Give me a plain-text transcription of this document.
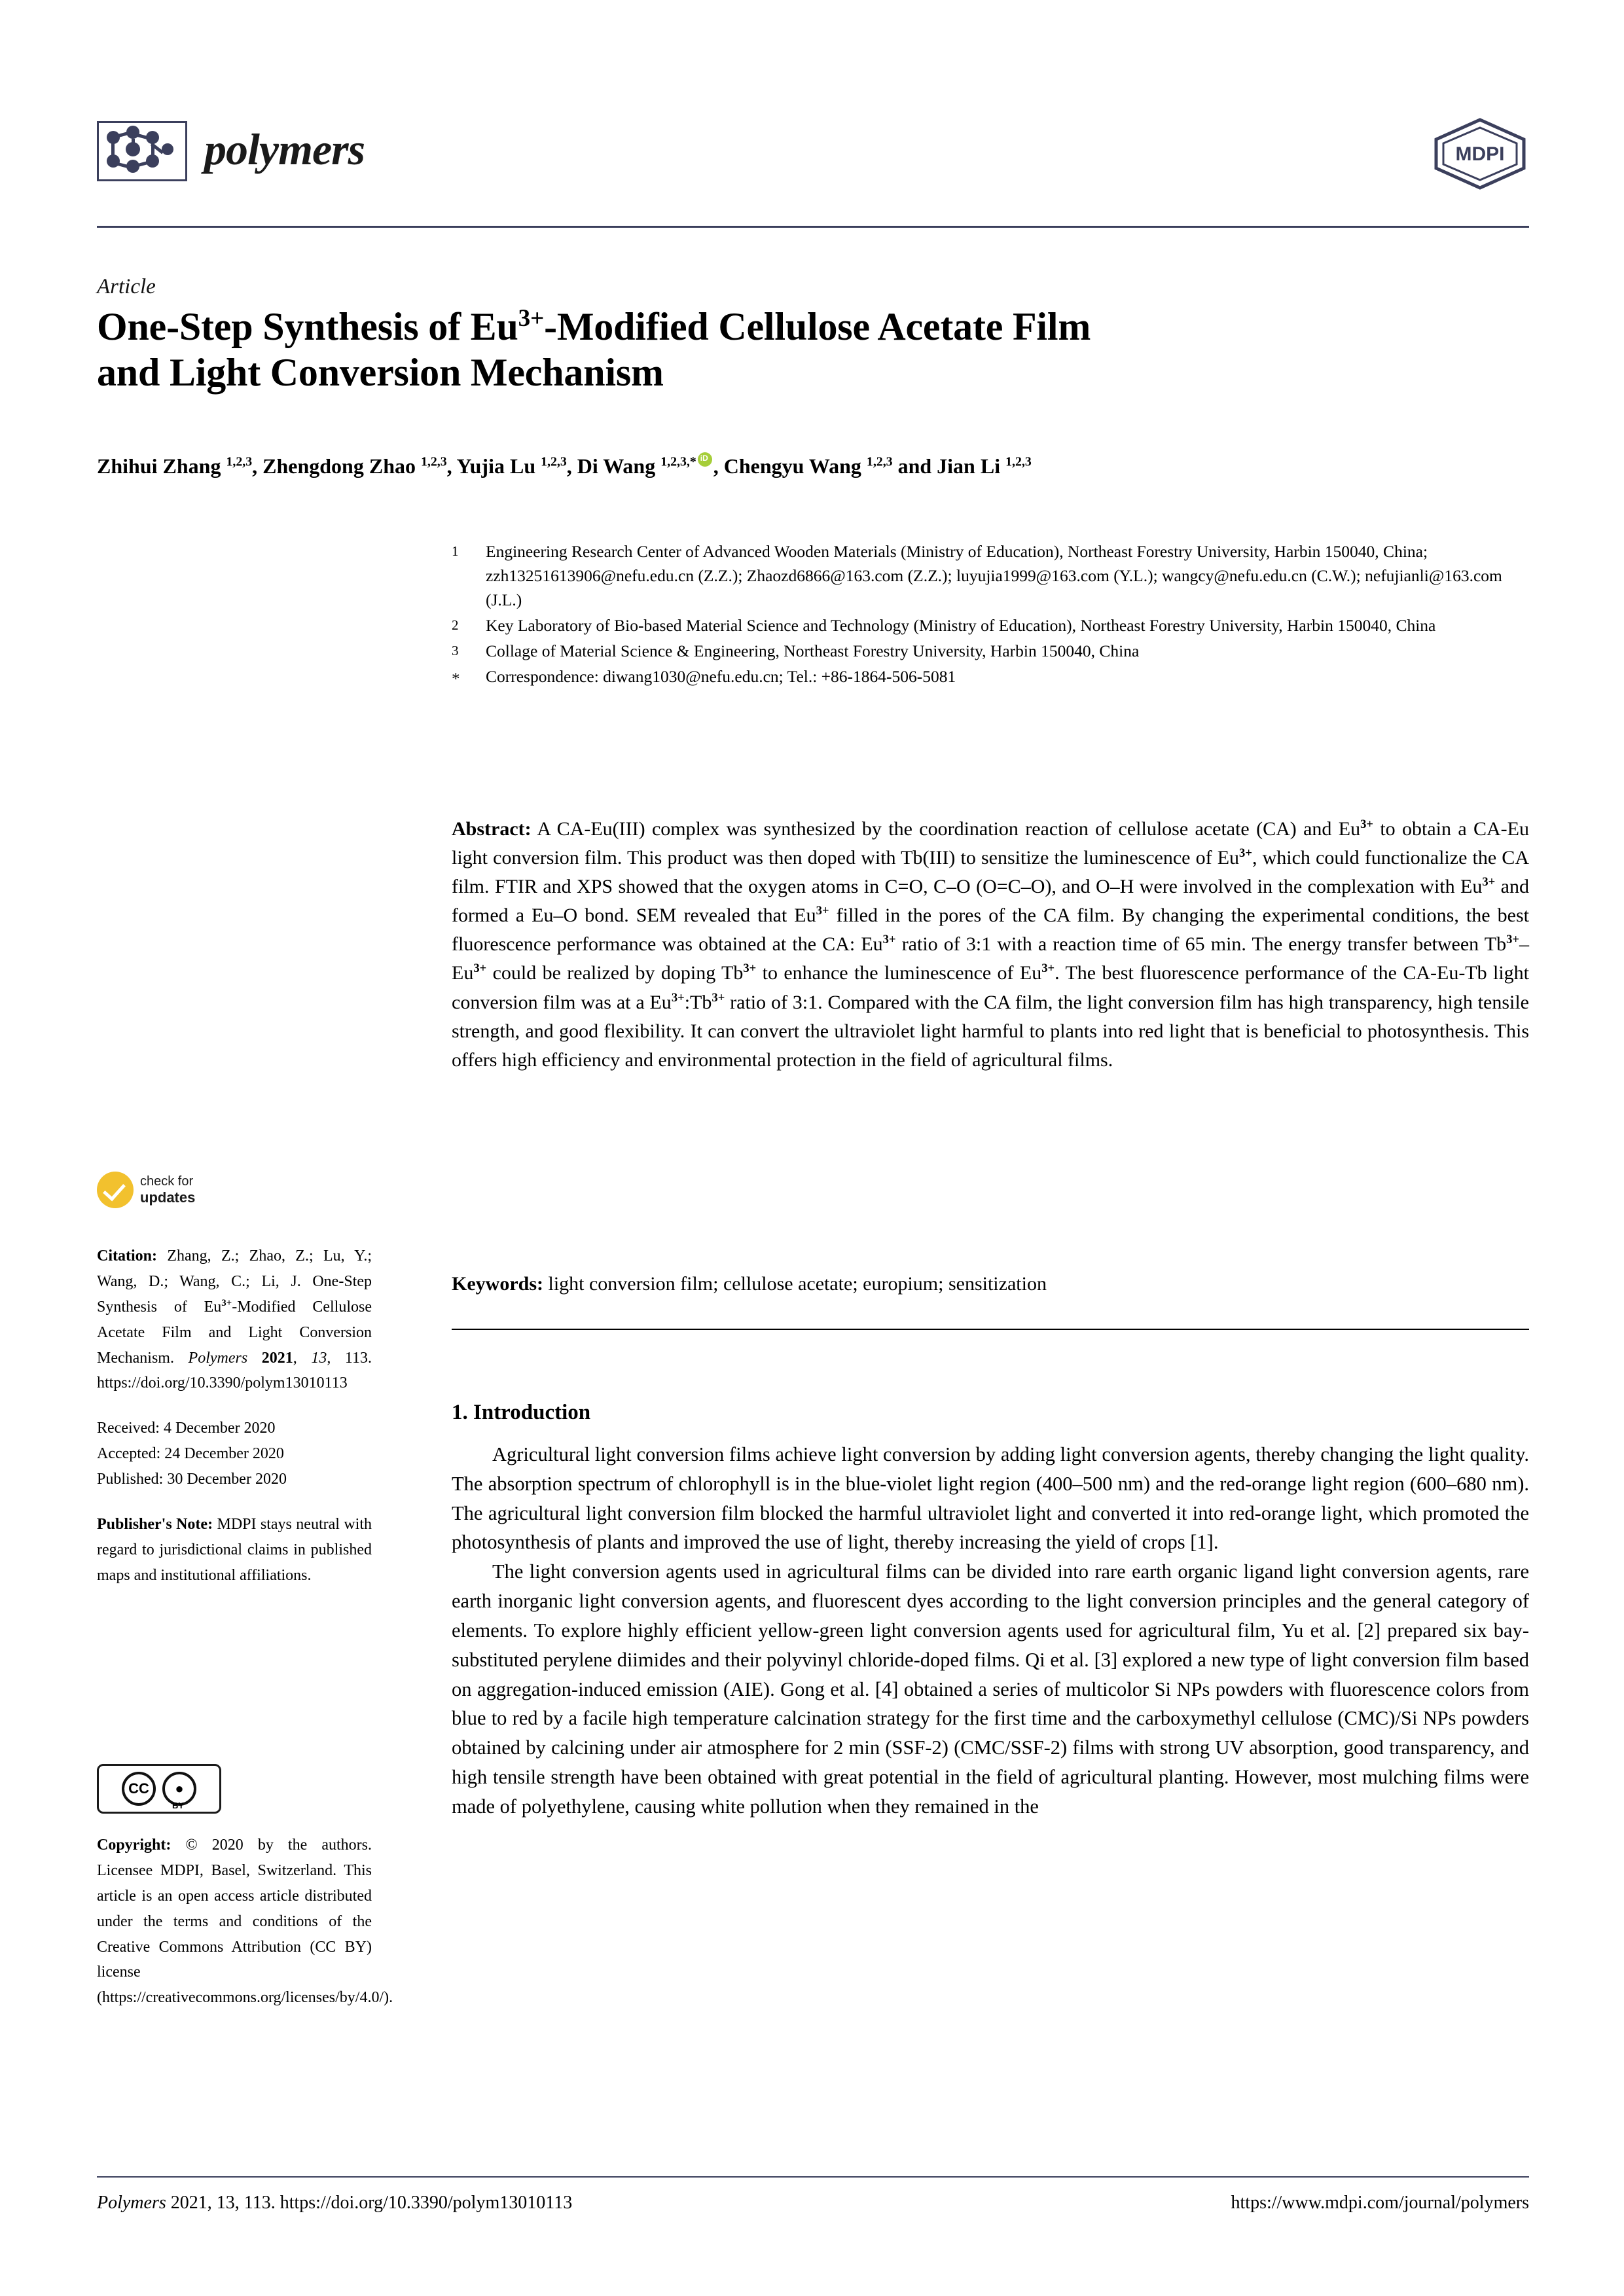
polymers	MDPI
Article
One-Step Synthesis of $Eu^{3+}$-Modified Cellulose Acetate Film
and Light Conversion Mechanism
Zhihui Zhang $^{1,2,3}$, Zhengdong Zhao $^{1,2,3}$, Yujia Lu $^{1,2,3}$, Di Wang $^{1,2,3,*}$ iD , Chengyu Wang $^{1,2,3}$ and Jian Li $^{1,2,3}$
1	Engineering Research Center of Advanced Wooden Materials (Ministry of Education), Northeast Forestry University, Harbin 150040, China; zzh13251613906@nefu.edu.cn (Z.Z.); Zhaozd6866@163.com (Z.Z.); luyujia1999@163.com (Y.L.); wangcy@nefu.edu.cn (C.W.); nefujianli@163.com (J.L.)
2	Key Laboratory of Bio-based Material Science and Technology (Ministry of Education), Northeast Forestry University, Harbin 150040, China
3	Collage of Material Science & Engineering, Northeast Forestry University, Harbin 150040, China
*	Correspondence: diwang1030@nefu.edu.cn; Tel.: +86-1864-506-5081
Abstract: A CA-Eu(III) complex was synthesized by the coordination reaction of cellulose acetate (CA) and $Eu^{3+}$ to obtain a CA-Eu light conversion film. This product was then doped with Tb(III) to sensitize the luminescence of $Eu^{3+}$, which could functionalize the CA film. FTIR and XPS showed that the oxygen atoms in C=O, C–O (O=C–O), and O–H were involved in the complexation with $Eu^{3+}$ and formed a Eu–O bond. SEM revealed that $Eu^{3+}$ filled in the pores of the CA film. By changing the experimental conditions, the best fluorescence performance was obtained at the CA: $Eu^{3+}$ ratio of 3:1 with a reaction time of 65 min. The energy transfer between $Tb^{3+}-Eu^{3+}$ could be realized by doping $Tb^{3+}$ to enhance the luminescence of $Eu^{3+}$. The best fluorescence performance of the CA-Eu-Tb light conversion film was at a $Eu^{3+}:Tb^{3+}$ ratio of 3:1. Compared with the CA film, the light conversion film has high transparency, high tensile strength, and good flexibility. It can convert the ultraviolet light harmful to plants into red light that is beneficial to photosynthesis. This offers high efficiency and environmental protection in the field of agricultural films.
Keywords: light conversion film; cellulose acetate; europium; sensitization
1. Introduction

Agricultural light conversion films achieve light conversion by adding light conversion agents, thereby changing the light quality. The absorption spectrum of chlorophyll is in the blue-violet light region (400–500 nm) and the red-orange light region (600–680 nm). The agricultural light conversion film blocked the harmful ultraviolet light and converted it into red-orange light, which promoted the photosynthesis of plants and improved the use of light, thereby increasing the yield of crops [1].

The light conversion agents used in agricultural films can be divided into rare earth organic ligand light conversion agents, rare earth inorganic light conversion agents, and fluorescent dyes according to the light conversion principles and the general category of elements. To explore highly efficient yellow-green light conversion agents used for agricultural film, Yu et al. [2] prepared six bay-substituted perylene diimides and their polyvinyl chloride-doped films. Qi et al. [3] explored a new type of light conversion film based on aggregation-induced emission (AIE). Gong et al. [4] obtained a series of multicolor Si NPs powders with fluorescence colors from blue to red by a facile high temperature calcination strategy for the first time and the carboxymethyl cellulose (CMC)/Si NPs powders obtained by calcining under air atmosphere for 2 min (SSF-2) (CMC/SSF-2) films with strong UV absorption, good transparency, and high tensile strength have been obtained with great potential in the field of agricultural planting. However, most mulching films were made of polyethylene, causing white pollution when they remained in the

check for
updates

Citation: Zhang, Z.; Zhao, Z.; Lu, Y.; Wang, D.; Wang, C.; Li, J. One-Step Synthesis of $Eu^{3+}$-Modified Cellulose Acetate Film and Light Conversion Mechanism. Polymers 2021, 13, 113. https://doi.org/10.3390/polym13010113

Received: 4 December 2020

Accepted: 24 December 2020

Published: 30 December 2020

Publisher's Note: MDPI stays neutral with regard to jurisdictional claims in published maps and institutional affiliations.

CC	●
BY

Copyright: © 2020 by the authors. Licensee MDPI, Basel, Switzerland. This article is an open access article distributed under the terms and conditions of the Creative Commons Attribution (CC BY) license (https://creativecommons.org/licenses/by/4.0/).

Polymers 2021, 13, 113. https://doi.org/10.3390/polym13010113	https://www.mdpi.com/journal/polymers
